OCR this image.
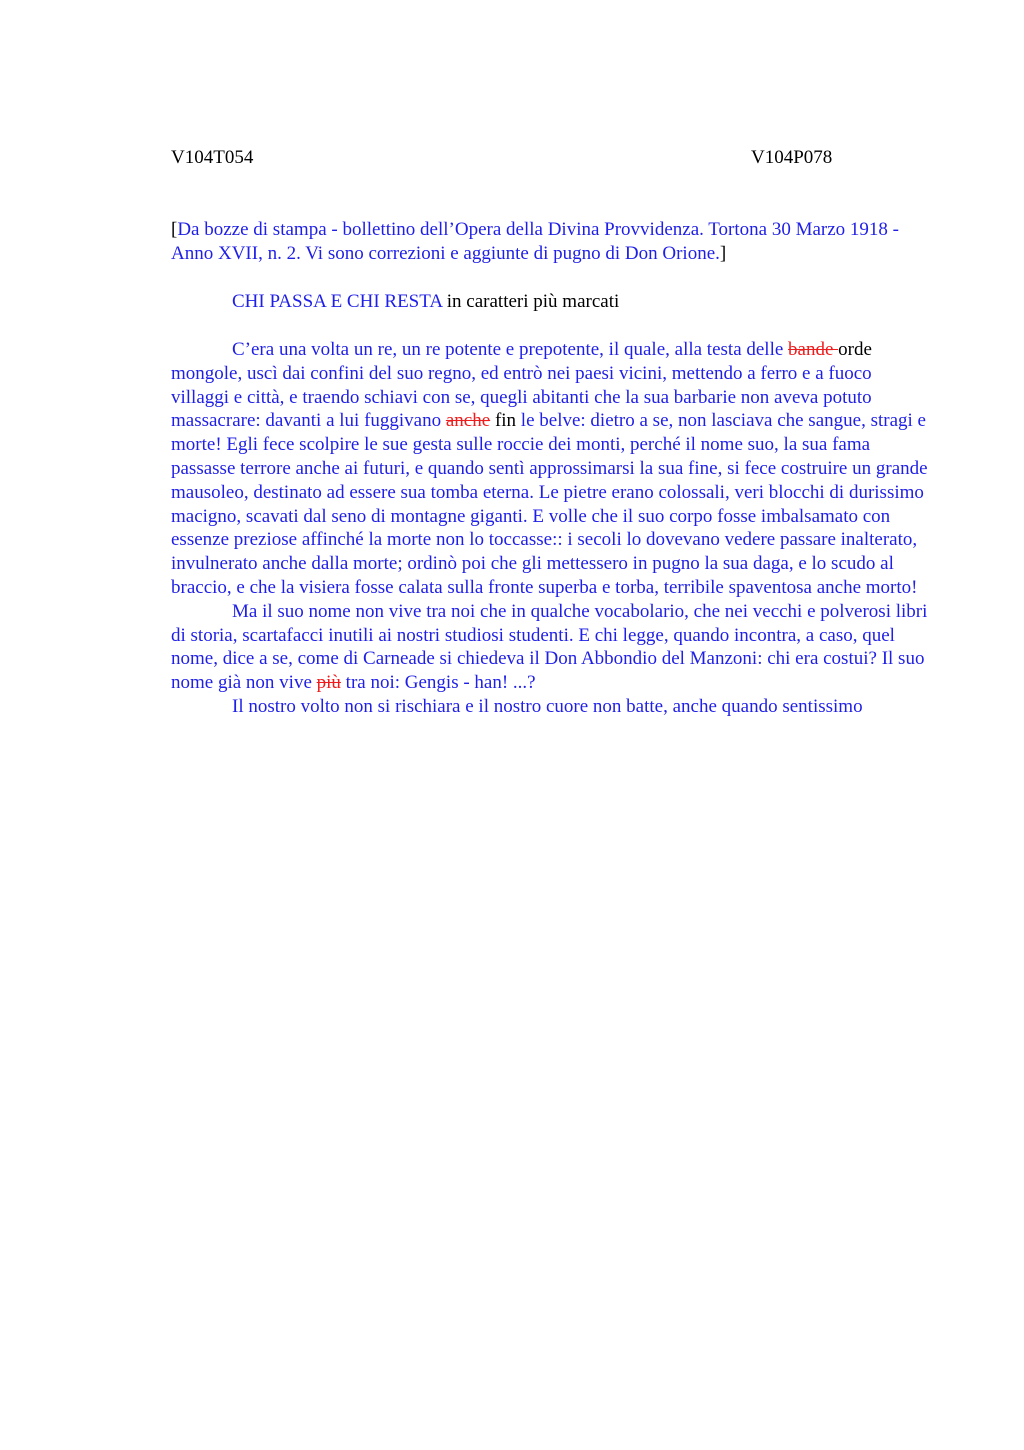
V104T054	V104P078
[Da bozze di stampa - bollettino dell’Opera della Divina Provvidenza. Tortona 30 Marzo 1918 - Anno XVII, n. 2. Vi sono correzioni e aggiunte di pugno di Don Orione.]
CHI PASSA E CHI RESTA in caratteri più marcati

C’era una volta un re, un re potente e prepotente, il quale, alla testa delle bande orde mongole, uscì dai confini del suo regno, ed entrò nei paesi vicini, mettendo a ferro e a fuoco villaggi e città, e traendo schiavi con se, quegli abitanti che la sua barbarie non aveva potuto massacrare: davanti a lui fuggivano anche fin le belve: dietro a se, non lasciava che sangue, stragi e morte! Egli fece scolpire le sue gesta sulle roccie dei monti, perché il nome suo, la sua fama passasse terrore anche ai futuri, e quando sentì approssimarsi la sua fine, si fece costruire un grande mausoleo, destinato ad essere sua tomba eterna. Le pietre erano colossali, veri blocchi di durissimo macigno, scavati dal seno di montagne giganti. E volle che il suo corpo fosse imbalsamato con essenze preziose affinché la morte non lo toccasse:: i secoli lo dovevano vedere passare inalterato, invulnerato anche dalla morte; ordinò poi che gli mettessero in pugno la sua daga, e lo scudo al braccio, e che la visiera fosse calata sulla fronte superba e torba, terribile spaventosa anche morto!

Ma il suo nome non vive tra noi che in qualche vocabolario, che nei vecchi e polverosi libri di storia, scartafacci inutili ai nostri studiosi studenti. E chi legge, quando incontra, a caso, quel nome, dice a se, come di Carneade si chiedeva il Don Abbondio del Manzoni: chi era costui? Il suo nome già non vive più tra noi: Gengis - han! ...?

Il nostro volto non si rischiara e il nostro cuore non batte, anche quando sentissimo
